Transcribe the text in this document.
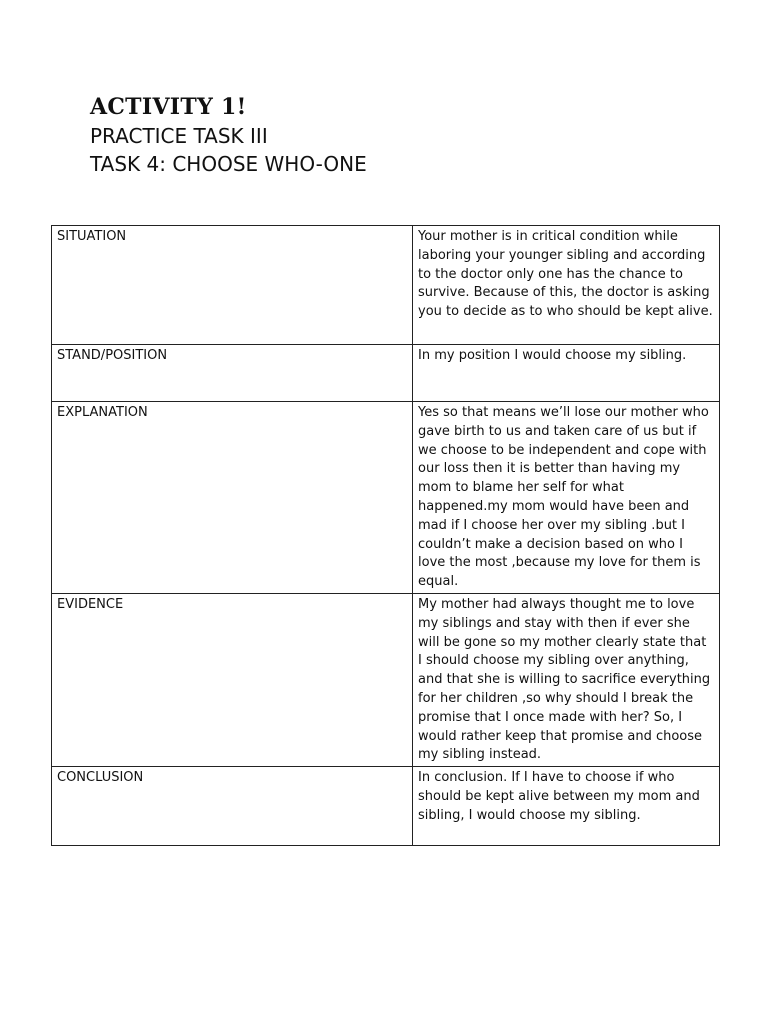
ACTIVITY 1!

PRACTICE TASK III

TASK 4: CHOOSE WHO-ONE

SITUATION	Your mother is in critical condition while laboring your younger sibling and according to the doctor only one has the chance to survive. Because of this, the doctor is asking you to decide as to who should be kept alive.
STAND/POSITION	In my position I would choose my sibling.
EXPLANATION	Yes so that means we’ll lose our mother who gave birth to us and taken care of us but if we choose to be independent and cope with our loss then it is better than having my mom to blame her self for what happened.my mom would have been and mad if I choose her over my sibling .but I couldn’t make a decision based on who I love the most ,because my love for them is equal.
EVIDENCE	My mother had always thought me to love my siblings and stay with then if ever she will be gone so my mother clearly state that I should choose my sibling over anything, and that she is willing to sacrifice everything for her children ,so why should I break the promise that I once made with her? So, I would rather keep that promise and choose my sibling instead.
CONCLUSION	In conclusion. If I have to choose if who should be kept alive between my mom and sibling, I would choose my sibling.
